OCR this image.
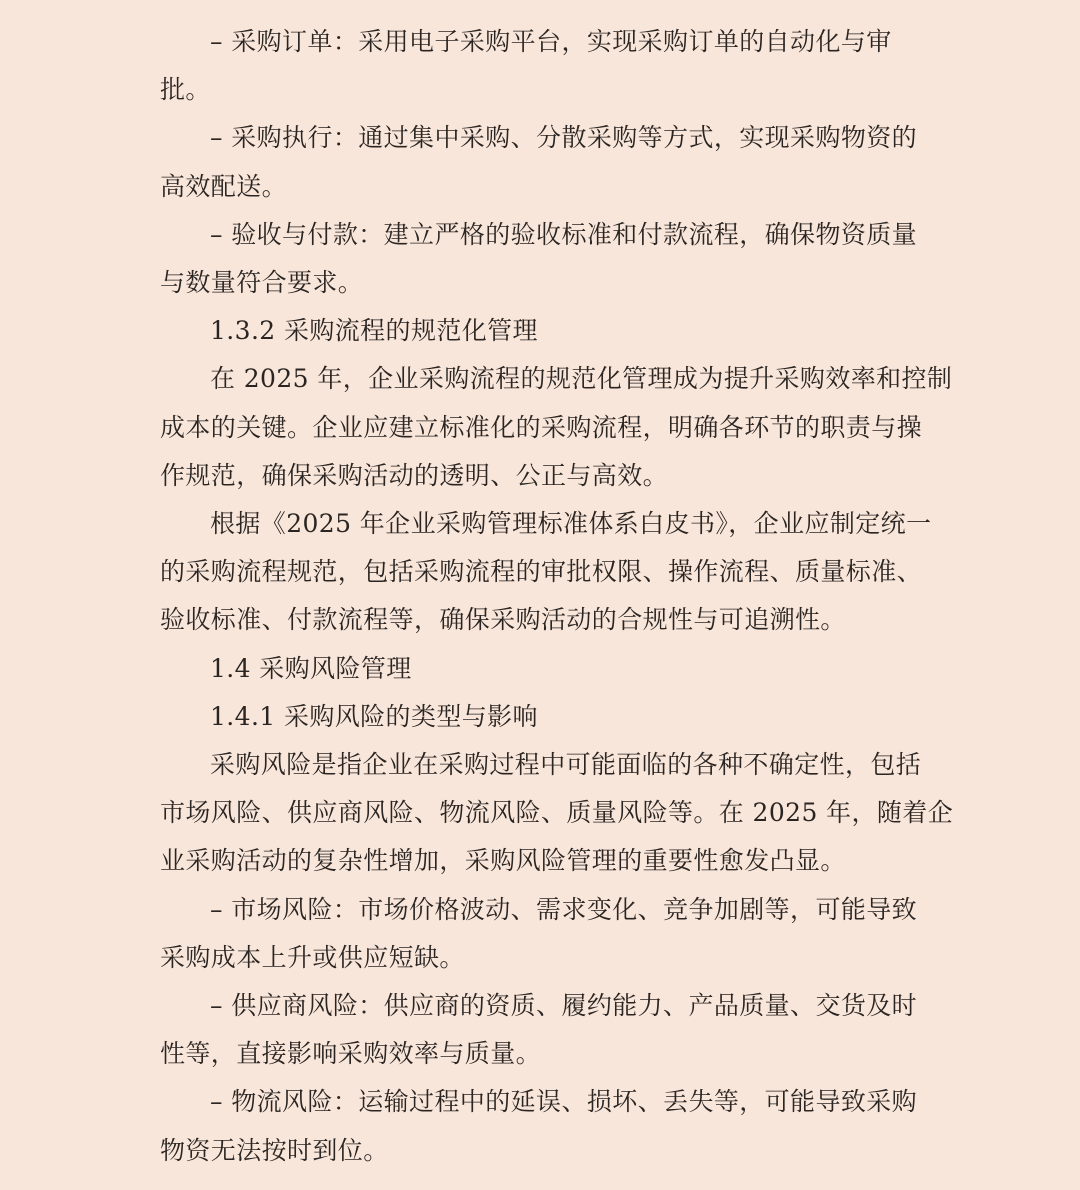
– 采购订单：采用电子采购平台，实现采购订单的自动化与审
批。

– 采购执行：通过集中采购、分散采购等方式，实现采购物资的
高效配送。

– 验收与付款：建立严格的验收标准和付款流程，确保物资质量
与数量符合要求。

1.3.2 采购流程的规范化管理

在 2025 年，企业采购流程的规范化管理成为提升采购效率和控制
成本的关键。企业应建立标准化的采购流程，明确各环节的职责与操
作规范，确保采购活动的透明、公正与高效。

根据《2025 年企业采购管理标准体系白皮书》，企业应制定统一
的采购流程规范，包括采购流程的审批权限、操作流程、质量标准、
验收标准、付款流程等，确保采购活动的合规性与可追溯性。

1.4 采购风险管理

1.4.1 采购风险的类型与影响

采购风险是指企业在采购过程中可能面临的各种不确定性，包括
市场风险、供应商风险、物流风险、质量风险等。在 2025 年，随着企
业采购活动的复杂性增加，采购风险管理的重要性愈发凸显。

– 市场风险：市场价格波动、需求变化、竞争加剧等，可能导致
采购成本上升或供应短缺。

– 供应商风险：供应商的资质、履约能力、产品质量、交货及时
性等，直接影响采购效率与质量。

– 物流风险：运输过程中的延误、损坏、丢失等，可能导致采购
物资无法按时到位。
